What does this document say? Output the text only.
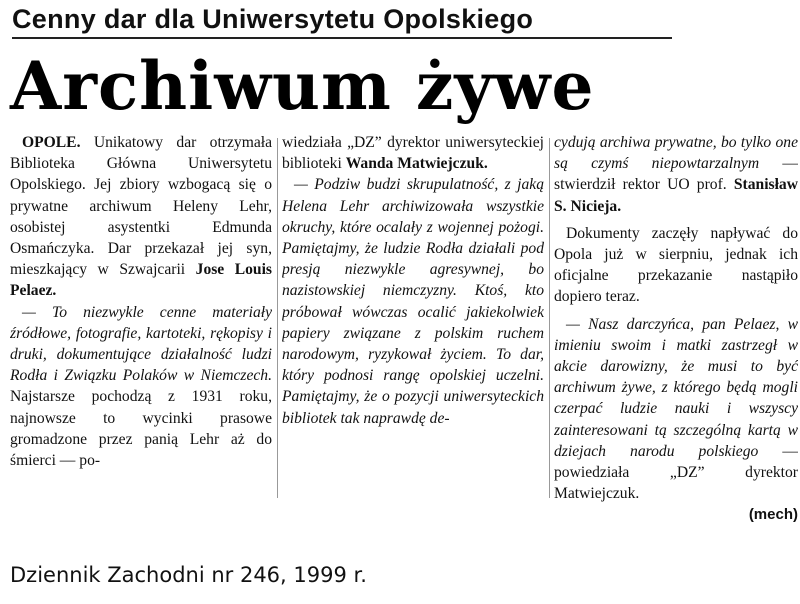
Cenny dar dla Uniwersytetu Opolskiego
Archiwum żywe

OPOLE. Unikatowy dar otrzymała Biblioteka Główna Uniwersytetu Opolskiego. Jej zbiory wzbogacą się o prywatne archiwum Heleny Lehr, osobistej asystentki Edmunda Osmańczyka. Dar przekazał jej syn, mieszkający w Szwajcarii Jose Louis Pelaez.

— To niezwykle cenne materiały źródłowe, fotografie, kartoteki, rękopisy i druki, dokumentujące działalność ludzi Rodła i Związku Polaków w Niemczech. Najstarsze pochodzą z 1931 roku, najnowsze to wycinki prasowe gromadzone przez panią Lehr aż do śmierci — po-

wiedziała „DZ” dyrektor uniwersyteckiej biblioteki Wanda Matwiejczuk.

— Podziw budzi skrupulatność, z jaką Helena Lehr archiwizowała wszystkie okruchy, które ocalały z wojennej pożogi. Pamiętajmy, że ludzie Rodła działali pod presją niezwykle agresywnej, bo nazistowskiej niemczyzny. Ktoś, kto próbował wówczas ocalić jakiekolwiek papiery związane z polskim ruchem narodowym, ryzykował życiem. To dar, który podnosi rangę opolskiej uczelni. Pamiętajmy, że o pozycji uniwersyteckich bibliotek tak naprawdę de-

cydują archiwa prywatne, bo tylko one są czymś niepowtarzalnym — stwierdził rektor UO prof. Stanisław S. Nicieja.

Dokumenty zaczęły napływać do Opola już w sierpniu, jednak ich oficjalne przekazanie nastąpiło dopiero teraz.

— Nasz darczyńca, pan Pelaez, w imieniu swoim i matki zastrzegł w akcie darowizny, że musi to być archiwum żywe, z którego będą mogli czerpać ludzie nauki i wszyscy zainteresowani tą szczególną kartą w dziejach narodu polskiego — powiedziała „DZ” dyrektor Matwiejczuk.

(mech)

Dziennik Zachodni nr 246, 1999 r.
